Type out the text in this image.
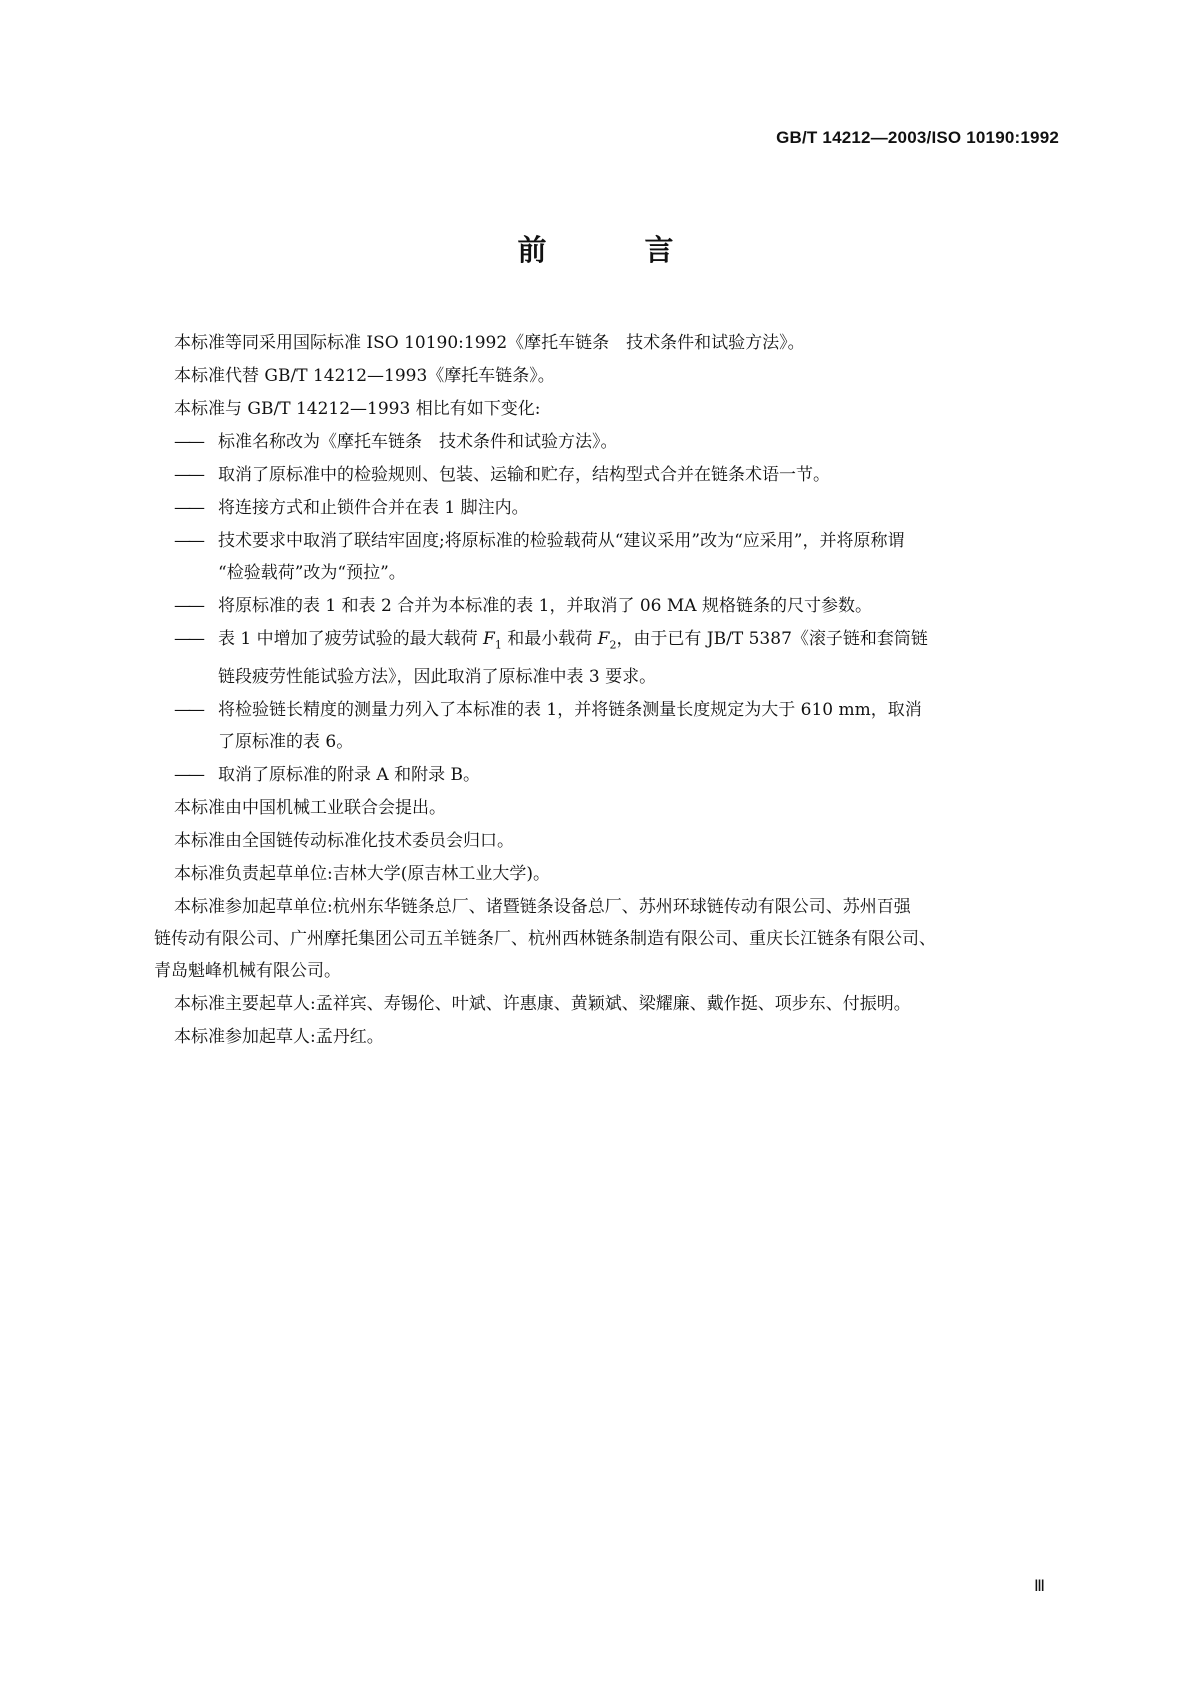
GB/T 14212—2003/ISO 10190:1992
前 言
本标准等同采用国际标准 ISO 10190:1992《摩托车链条　技术条件和试验方法》。
本标准代替 GB/T 14212—1993《摩托车链条》。
本标准与 GB/T 14212—1993 相比有如下变化:
—— 标准名称改为《摩托车链条　技术条件和试验方法》。
—— 取消了原标准中的检验规则、包装、运输和贮存，结构型式合并在链条术语一节。
—— 将连接方式和止锁件合并在表 1 脚注内。
—— 技术要求中取消了联结牢固度;将原标准的检验载荷从“建议采用”改为“应采用”，并将原称谓
“检验载荷”改为“预拉”。
—— 将原标准的表 1 和表 2 合并为本标准的表 1，并取消了 06 MA 规格链条的尺寸参数。
—— 表 1 中增加了疲劳试验的最大载荷 $F_1$ 和最小载荷 $F_2$，由于已有 JB/T 5387《滚子链和套筒链
链段疲劳性能试验方法》，因此取消了原标准中表 3 要求。
—— 将检验链长精度的测量力列入了本标准的表 1，并将链条测量长度规定为大于 610 mm，取消
了原标准的表 6。
—— 取消了原标准的附录 A 和附录 B。
本标准由中国机械工业联合会提出。
本标准由全国链传动标准化技术委员会归口。
本标准负责起草单位:吉林大学(原吉林工业大学)。
本标准参加起草单位:杭州东华链条总厂、诸暨链条设备总厂、苏州环球链传动有限公司、苏州百强
链传动有限公司、广州摩托集团公司五羊链条厂、杭州西林链条制造有限公司、重庆长江链条有限公司、
青岛魁峰机械有限公司。
本标准主要起草人:孟祥宾、寿锡伦、叶斌、许惠康、黄颖斌、梁耀廉、戴作挺、项步东、付振明。
本标准参加起草人:孟丹红。
Ⅲ
